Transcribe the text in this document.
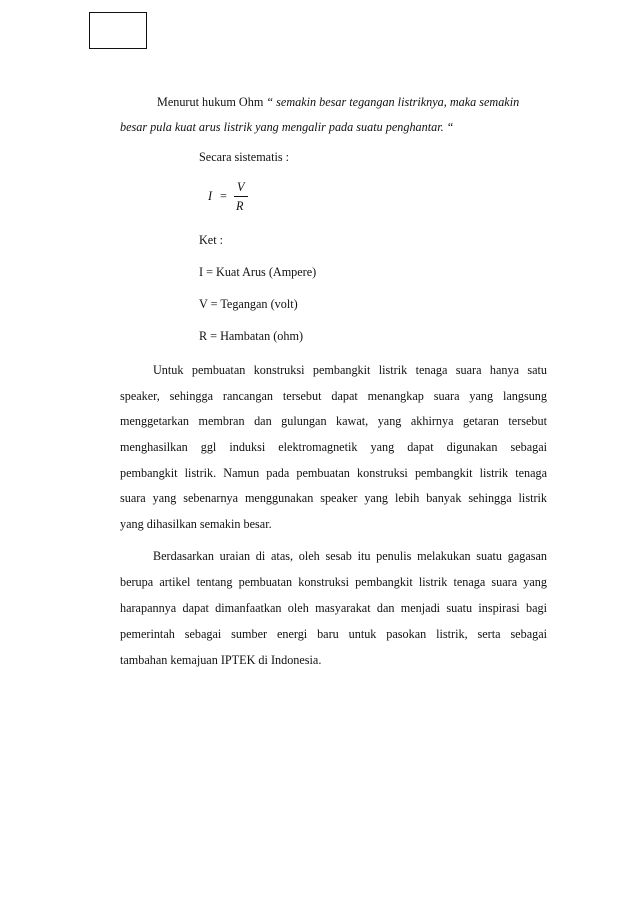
Menurut hukum Ohm “ semakin besar tegangan listriknya, maka semakin
besar pula kuat arus listrik yang mengalir pada suatu penghantar. “
Secara sistematis :
I =
V
R
Ket :
I = Kuat Arus (Ampere)
V = Tegangan (volt)
R = Hambatan (ohm)
Untuk pembuatan konstruksi pembangkit listrik tenaga suara hanya satu
speaker, sehingga rancangan tersebut dapat menangkap suara yang langsung
menggetarkan membran dan gulungan kawat, yang akhirnya getaran tersebut
menghasilkan ggl induksi elektromagnetik yang dapat digunakan sebagai
pembangkit listrik. Namun pada pembuatan konstruksi pembangkit listrik tenaga
suara yang sebenarnya menggunakan speaker yang lebih banyak sehingga listrik
yang dihasilkan semakin besar.
Berdasarkan uraian di atas, oleh sesab itu penulis melakukan suatu gagasan
berupa artikel tentang pembuatan konstruksi pembangkit listrik tenaga suara yang
harapannya dapat dimanfaatkan oleh masyarakat dan menjadi suatu inspirasi bagi
pemerintah sebagai sumber energi baru untuk pasokan listrik, serta sebagai
tambahan kemajuan IPTEK di Indonesia.
